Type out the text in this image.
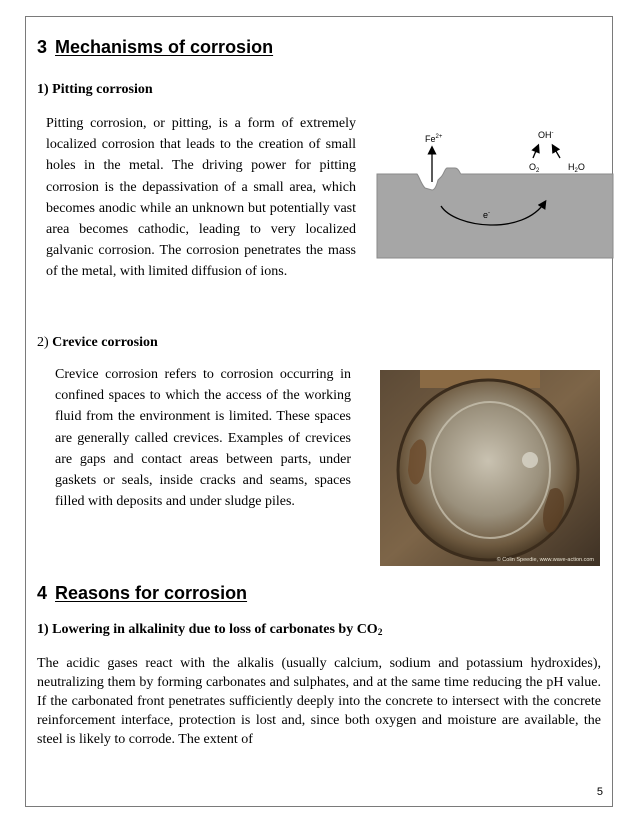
3 Mechanisms of corrosion
1) Pitting corrosion

Pitting corrosion, or pitting, is a form of extremely localized corrosion that leads to the creation of small holes in the metal. The driving power for pitting corrosion is the depassivation of a small area, which becomes anodic while an unknown but potentially vast area becomes cathodic, leading to very localized galvanic corrosion. The corrosion penetrates the mass of the metal, with limited diffusion of ions.

$Fe^{2+}$	OH-
$O_2$	$H_2O$
e-
2) Crevice corrosion

Crevice corrosion refers to corrosion occurring in confined spaces to which the access of the working fluid from the environment is limited. These spaces are generally called crevices. Examples of crevices are gaps and contact areas between parts, under gaskets or seals, inside cracks and seams, spaces filled with deposits and under sludge piles.

© Colin Speedie, www.wave-action.com
4 Reasons for corrosion
1) Lowering in alkalinity due to loss of carbonates by $CO_2$

The acidic gases react with the alkalis (usually calcium, sodium and potassium hydroxides), neutralizing them by forming carbonates and sulphates, and at the same time reducing the pH value. If the carbonated front penetrates sufficiently deeply into the concrete to intersect with the concrete reinforcement interface, protection is lost and, since both oxygen and moisture are available, the steel is likely to corrode. The extent of

5
